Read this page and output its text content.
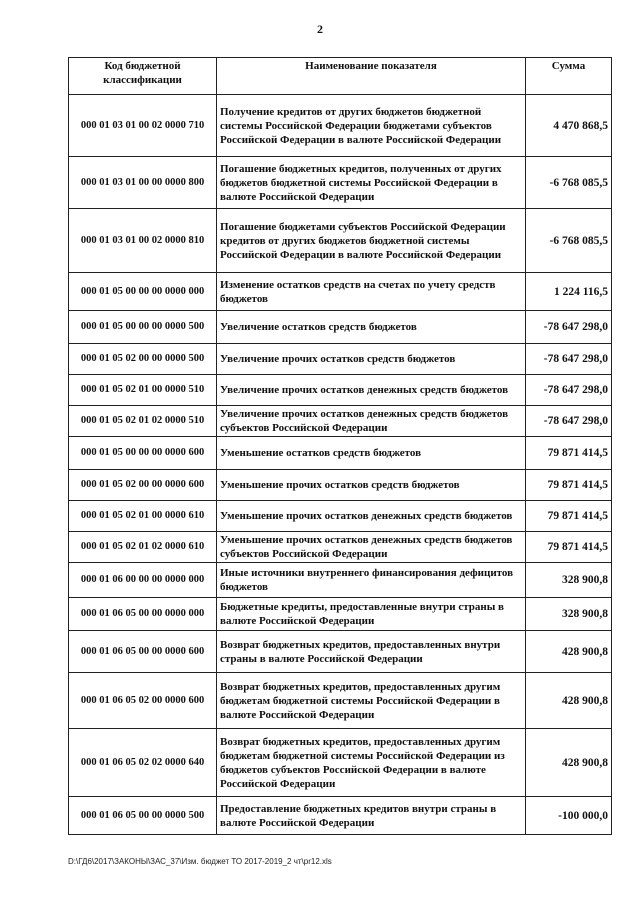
2
Код бюджетной классификации	Наименование показателя	Сумма
000 01 03 01 00 02 0000 710	Получение кредитов от других бюджетов бюджетной системы Российской Федерации бюджетами субъектов Российской Федерации в валюте Российской Федерации	4 470 868,5
000 01 03 01 00 00 0000 800	Погашение бюджетных кредитов, полученных от других бюджетов бюджетной системы Российской Федерации в валюте Российской Федерации	-6 768 085,5
000 01 03 01 00 02 0000 810	Погашение бюджетами субъектов Российской Федерации кредитов от других бюджетов бюджетной системы Российской Федерации в валюте Российской Федерации	-6 768 085,5
000 01 05 00 00 00 0000 000	Изменение остатков средств на счетах по учету средств бюджетов	1 224 116,5
000 01 05 00 00 00 0000 500	Увеличение остатков средств бюджетов	-78 647 298,0
000 01 05 02 00 00 0000 500	Увеличение прочих остатков средств бюджетов	-78 647 298,0
000 01 05 02 01 00 0000 510	Увеличение прочих остатков денежных средств бюджетов	-78 647 298,0
000 01 05 02 01 02 0000 510	Увеличение прочих остатков денежных средств бюджетов субъектов Российской Федерации	-78 647 298,0
000 01 05 00 00 00 0000 600	Уменьшение остатков средств бюджетов	79 871 414,5
000 01 05 02 00 00 0000 600	Уменьшение прочих остатков средств бюджетов	79 871 414,5
000 01 05 02 01 00 0000 610	Уменьшение прочих остатков денежных средств бюджетов	79 871 414,5
000 01 05 02 01 02 0000 610	Уменьшение прочих остатков денежных средств бюджетов субъектов Российской Федерации	79 871 414,5
000 01 06 00 00 00 0000 000	Иные источники внутреннего финансирования дефицитов бюджетов	328 900,8
000 01 06 05 00 00 0000 000	Бюджетные кредиты, предоставленные внутри страны в валюте Российской Федерации	328 900,8
000 01 06 05 00 00 0000 600	Возврат бюджетных кредитов, предоставленных внутри страны в валюте Российской Федерации	428 900,8
000 01 06 05 02 00 0000 600	Возврат бюджетных кредитов, предоставленных другим бюджетам бюджетной системы Российской Федерации в валюте Российской Федерации	428 900,8
000 01 06 05 02 02 0000 640	Возврат бюджетных кредитов, предоставленных другим бюджетам бюджетной системы Российской Федерации из бюджетов субъектов Российской Федерации в валюте Российской Федерации	428 900,8
000 01 06 05 00 00 0000 500	Предоставление бюджетных кредитов внутри страны в валюте Российской Федерации	-100 000,0
D:\ГД6\2017\ЗАКОНЫ\ЗАС_37\Изм. бюджет ТО 2017-2019_2 чт\pr12.xls
